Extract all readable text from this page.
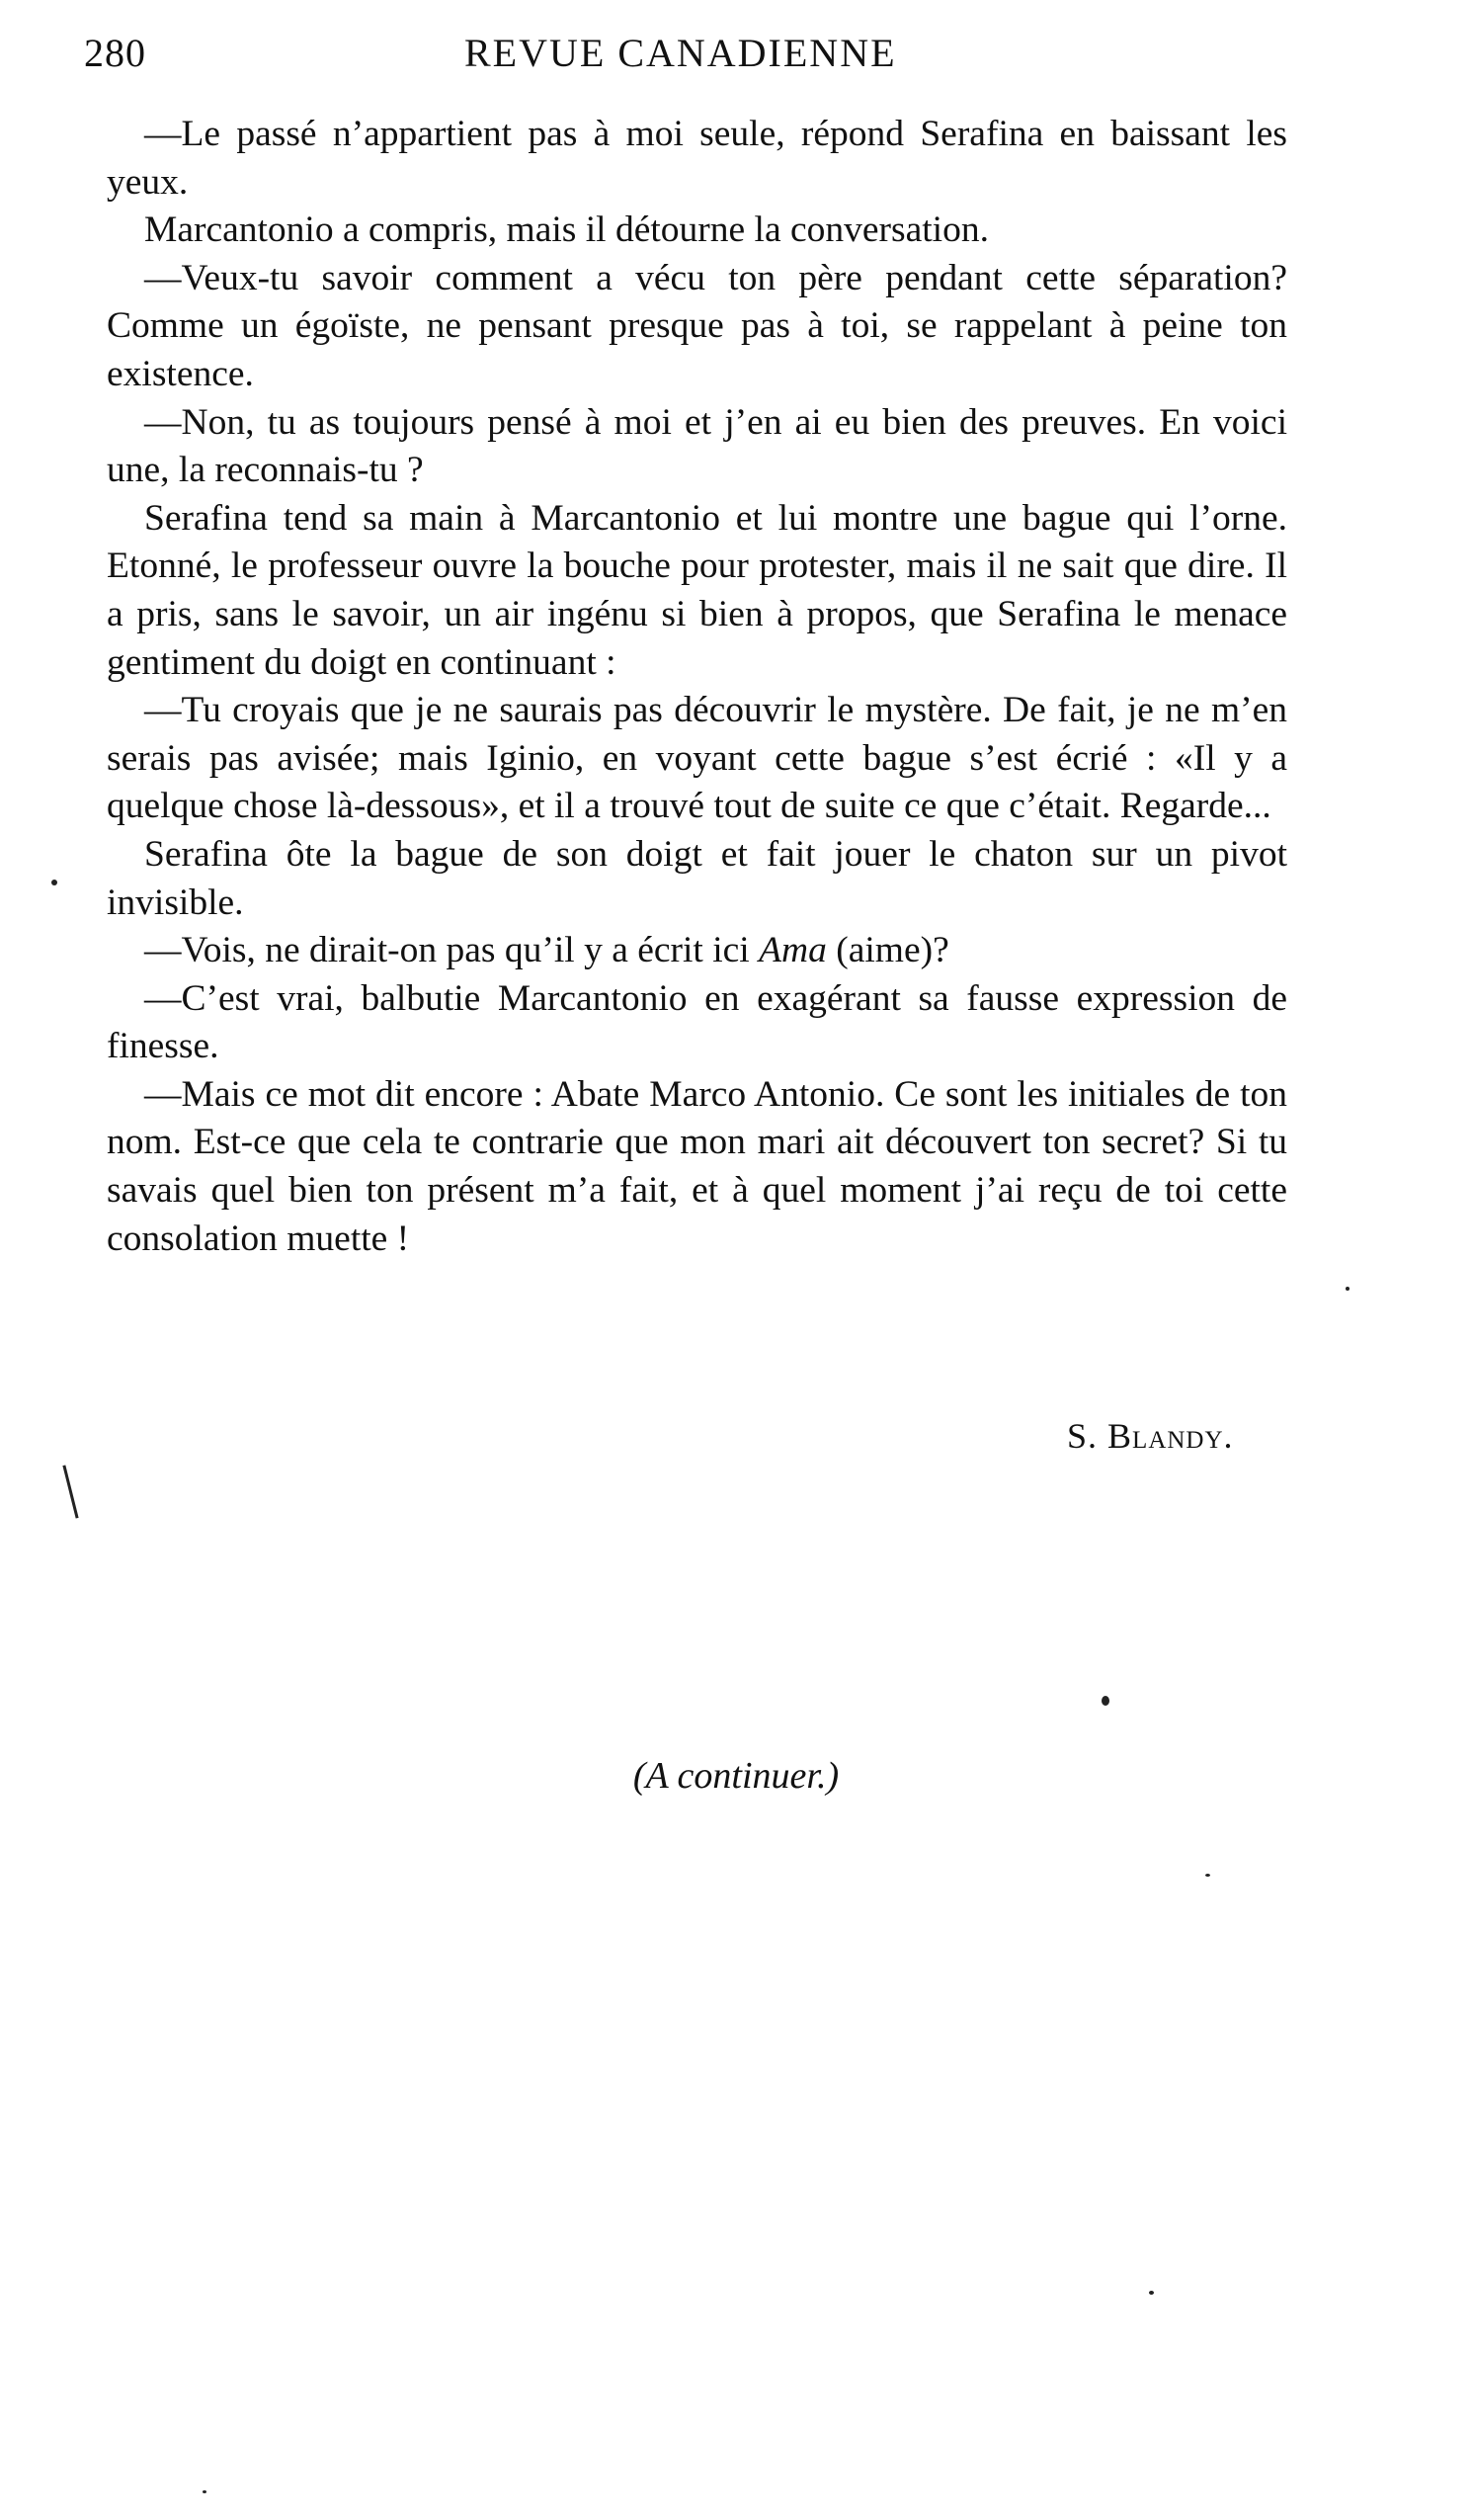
280	REVUE CANADIENNE

—Le passé n’appartient pas à moi seule, répond Serafina en baissant les yeux.

Marcantonio a compris, mais il détourne la conversation.

—Veux-tu savoir comment a vécu ton père pendant cette séparation? Comme un égoïste, ne pensant presque pas à toi, se rappelant à peine ton existence.

—Non, tu as toujours pensé à moi et j’en ai eu bien des preuves. En voici une, la reconnais-tu ?

Serafina tend sa main à Marcantonio et lui montre une bague qui l’orne. Etonné, le professeur ouvre la bouche pour protester, mais il ne sait que dire. Il a pris, sans le savoir, un air ingénu si bien à propos, que Serafina le menace gentiment du doigt en continuant :

—Tu croyais que je ne saurais pas découvrir le mystère. De fait, je ne m’en serais pas avisée; mais Iginio, en voyant cette bague s’est écrié : «Il y a quelque chose là-dessous», et il a trouvé tout de suite ce que c’était. Regarde...

Serafina ôte la bague de son doigt et fait jouer le chaton sur un pivot invisible.

—Vois, ne dirait-on pas qu’il y a écrit ici Ama (aime)?

—C’est vrai, balbutie Marcantonio en exagérant sa fausse expression de finesse.

—Mais ce mot dit encore : Abate Marco Antonio. Ce sont les initiales de ton nom. Est-ce que cela te contrarie que mon mari ait découvert ton secret? Si tu savais quel bien ton présent m’a fait, et à quel moment j’ai reçu de toi cette consolation muette !

S. Blandy.
(A continuer.)
